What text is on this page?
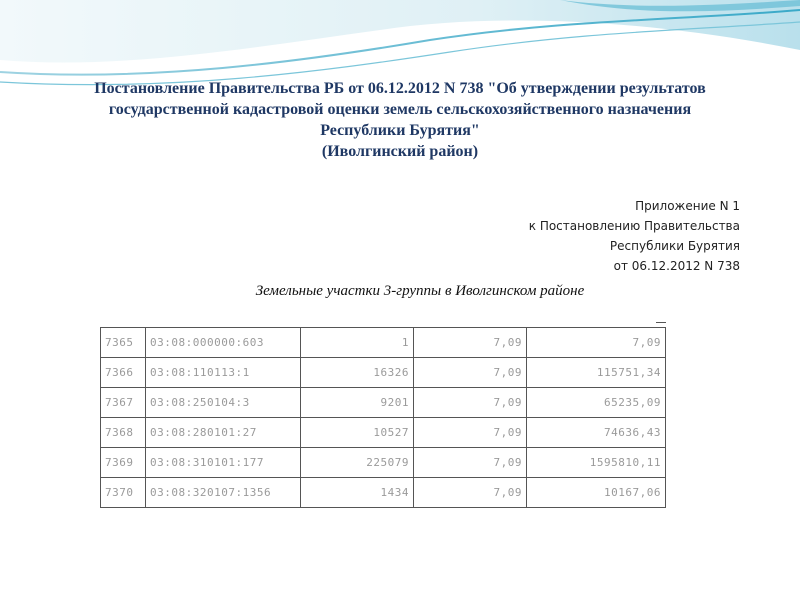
Постановление Правительства РБ от 06.12.2012 N 738 "Об утверждении результатов
государственной кадастровой оценки земель сельскохозяйственного назначения
Республики Бурятия"
(Иволгинский район)
Приложение N 1
к Постановлению Правительства
Республики Бурятия
от 06.12.2012 N 738
Земельные участки 3-группы в Иволгинском районе
7365	03:08:000000:603	1	7,09	7,09
7366	03:08:110113:1	16326	7,09	115751,34
7367	03:08:250104:3	9201	7,09	65235,09
7368	03:08:280101:27	10527	7,09	74636,43
7369	03:08:310101:177	225079	7,09	1595810,11
7370	03:08:320107:1356	1434	7,09	10167,06
